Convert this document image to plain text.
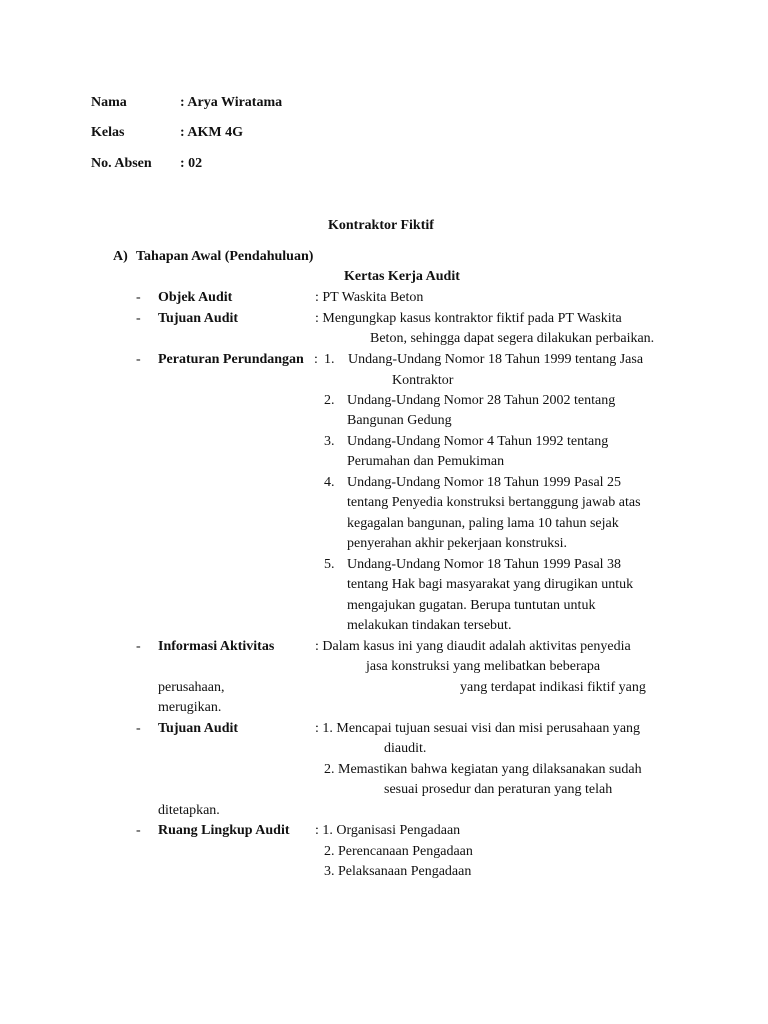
Nama	: Arya Wiratama
Kelas	: AKM 4G
No. Absen : 02
Kontraktor Fiktif
A) Tahapan Awal (Pendahuluan)
Kertas Kerja Audit
- Objek Audit	: PT Waskita Beton
- Tujuan Audit	: Mengungkap kasus kontraktor fiktif pada PT Waskita
Beton, sehingga dapat segera dilakukan perbaikan.
- Peraturan Perundangan : 1. Undang-Undang Nomor 18 Tahun 1999 tentang Jasa
Kontraktor
2. Undang-Undang Nomor 28 Tahun 2002 tentang
Bangunan Gedung
3. Undang-Undang Nomor 4 Tahun 1992 tentang
Perumahan dan Pemukiman
4. Undang-Undang Nomor 18 Tahun 1999 Pasal 25
tentang Penyedia konstruksi bertanggung jawab atas
kegagalan bangunan, paling lama 10 tahun sejak
penyerahan akhir pekerjaan konstruksi.
5. Undang-Undang Nomor 18 Tahun 1999 Pasal 38
tentang Hak bagi masyarakat yang dirugikan untuk
mengajukan gugatan. Berupa tuntutan untuk
melakukan tindakan tersebut.
- Informasi Aktivitas	: Dalam kasus ini yang diaudit adalah aktivitas penyedia
jasa konstruksi yang melibatkan beberapa
perusahaan,	yang terdapat indikasi fiktif yang
merugikan.
- Tujuan Audit	: 1. Mencapai tujuan sesuai visi dan misi perusahaan yang
diaudit.
2. Memastikan bahwa kegiatan yang dilaksanakan sudah
sesuai prosedur dan peraturan yang telah
ditetapkan.
- Ruang Lingkup Audit : 1. Organisasi Pengadaan
2. Perencanaan Pengadaan
3. Pelaksanaan Pengadaan
